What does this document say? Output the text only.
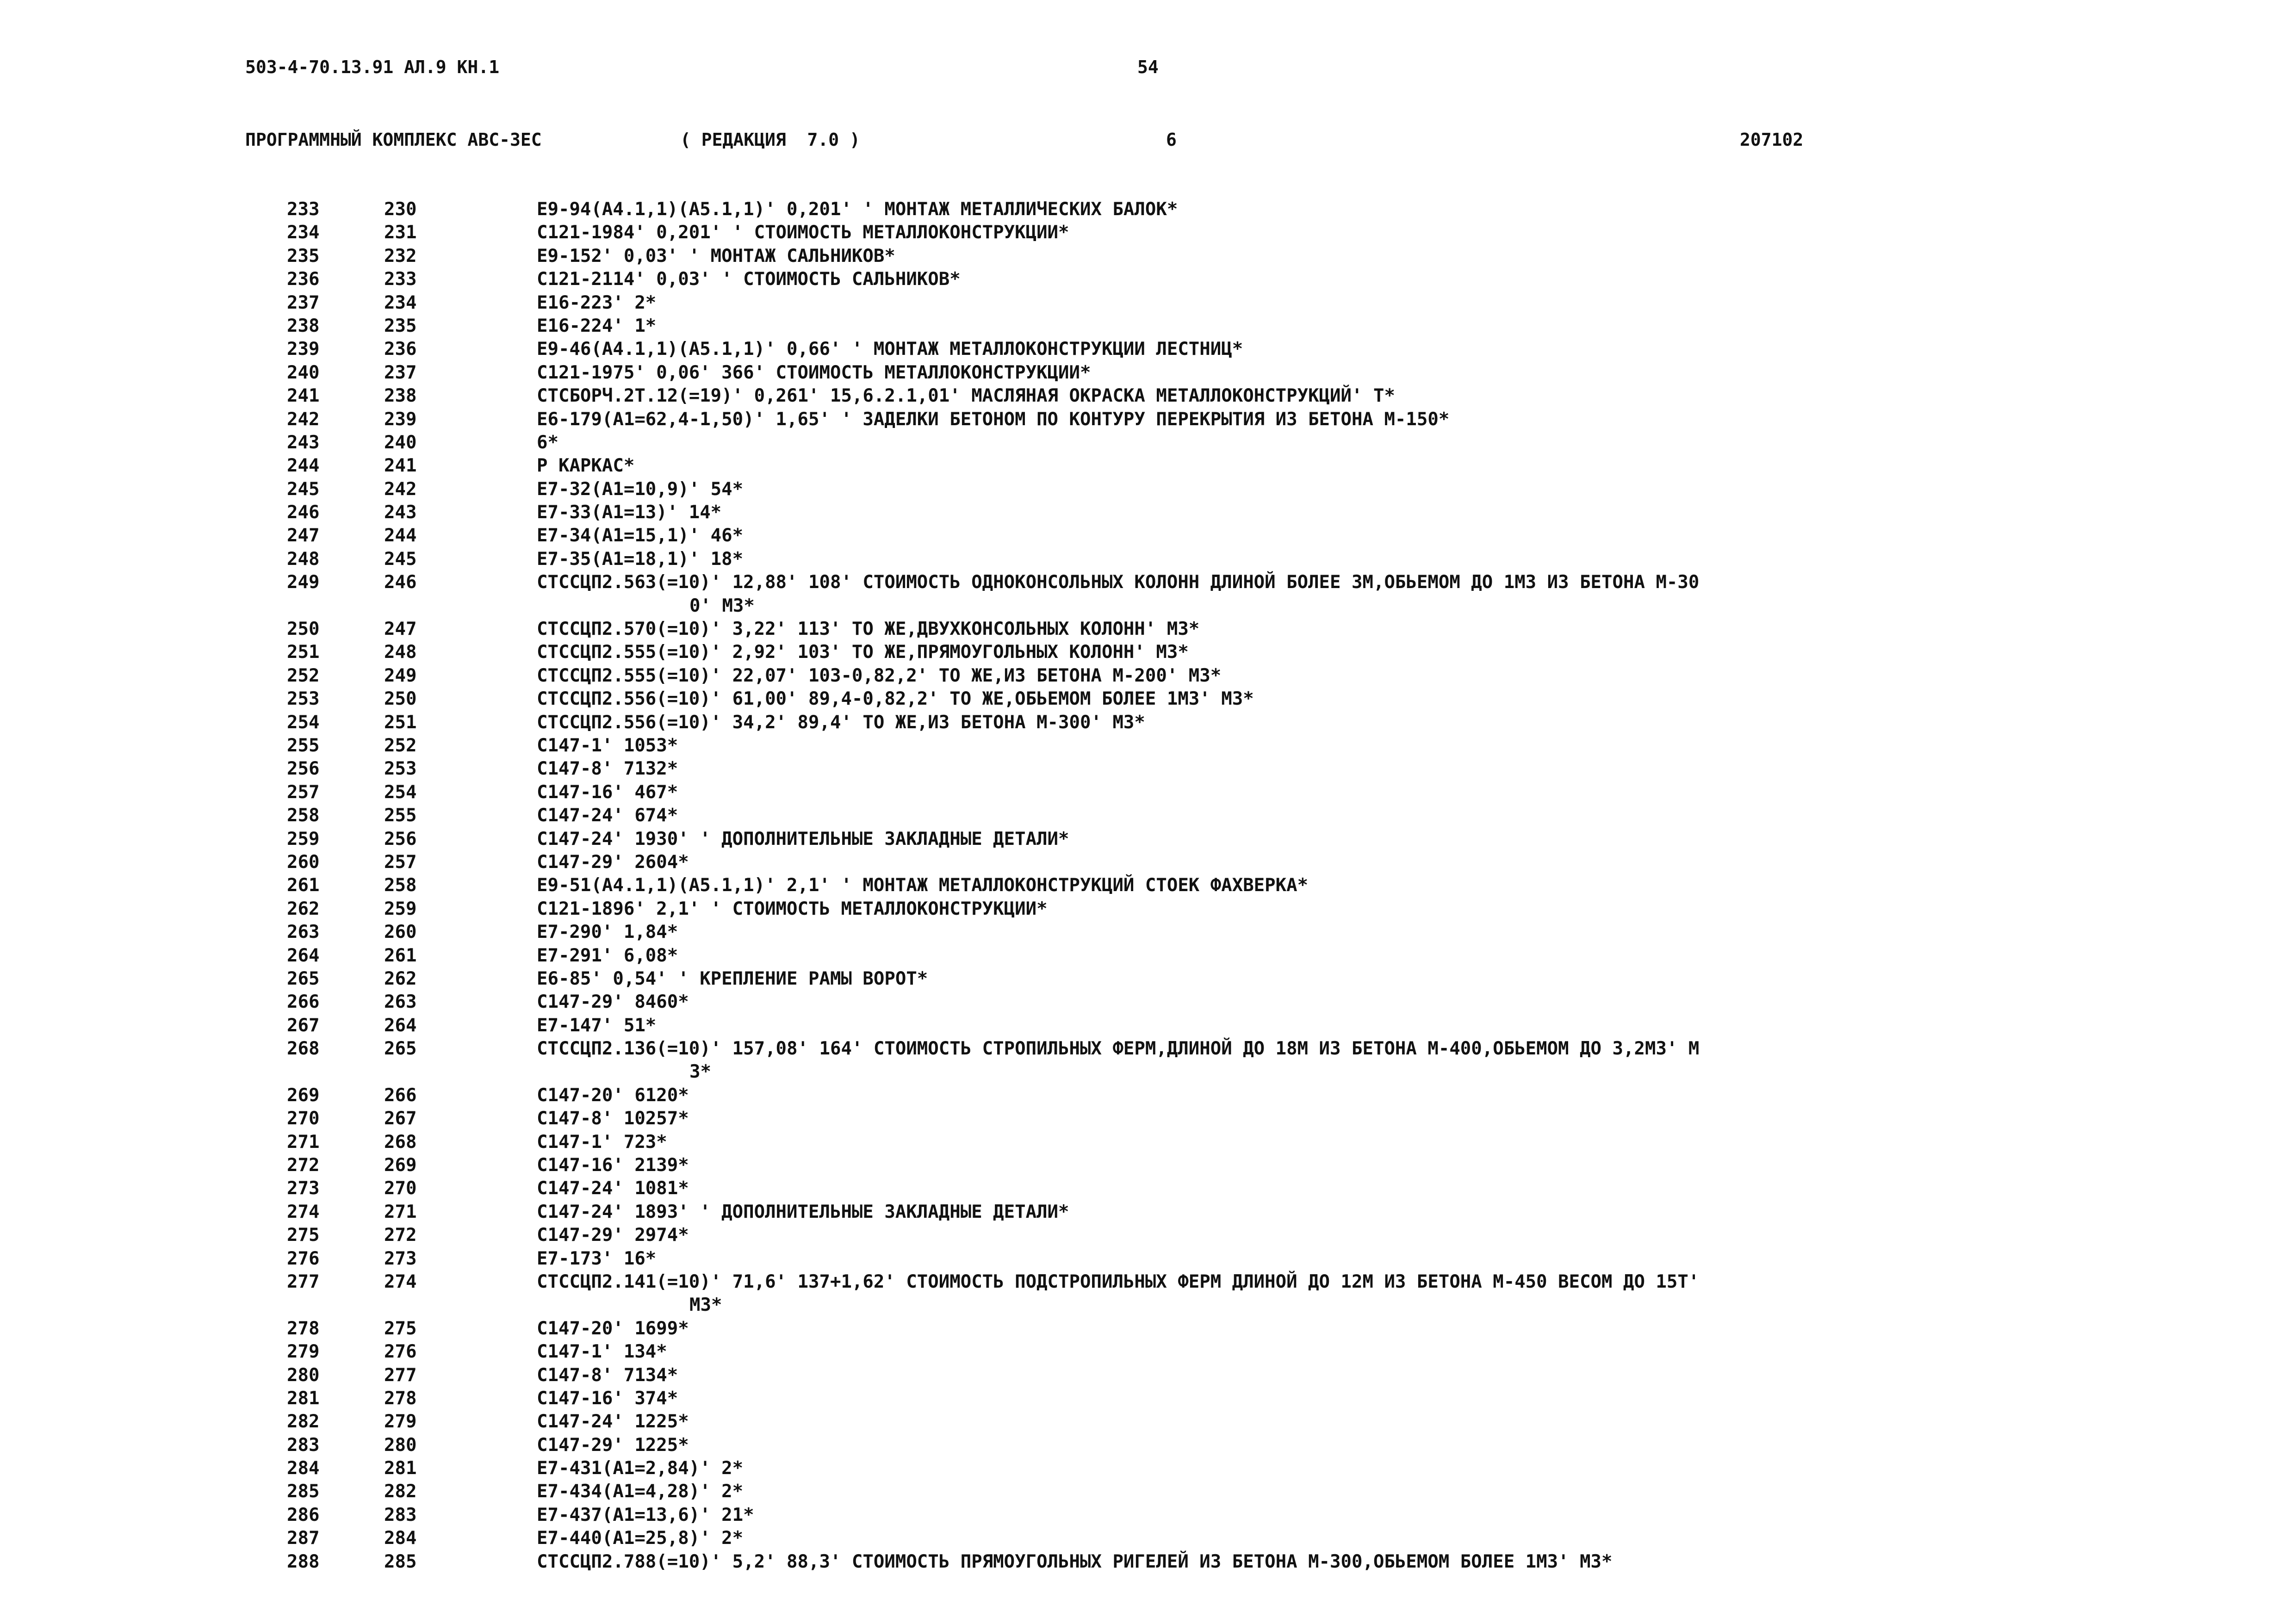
503-4-70.13.91 АЛ.9 КН.1	54
ПРОГРАММНЫЙ КОМПЛЕКС АВС-3ЕС	( РЕДАКЦИЯ  7.0 )	6	207102
233	230	Е9-94(А4.1,1)(А5.1,1)' 0,201' ' МОНТАЖ МЕТАЛЛИЧЕСКИХ БАЛОК*
234	231	С121-1984' 0,201' ' СТОИМОСТЬ МЕТАЛЛОКОНСТРУКЦИИ*
235	232	Е9-152' 0,03' ' МОНТАЖ САЛЬНИКОВ*
236	233	С121-2114' 0,03' ' СТОИМОСТЬ САЛЬНИКОВ*
237	234	Е16-223' 2*
238	235	Е16-224' 1*
239	236	Е9-46(А4.1,1)(А5.1,1)' 0,66' ' МОНТАЖ МЕТАЛЛОКОНСТРУКЦИИ ЛЕСТНИЦ*
240	237	С121-1975' 0,06' 366' СТОИМОСТЬ МЕТАЛЛОКОНСТРУКЦИИ*
241	238	СТСБОРЧ.2Т.12(=19)' 0,261' 15,6.2.1,01' МАСЛЯНАЯ ОКРАСКА МЕТАЛЛОКОНСТРУКЦИЙ' Т*
242	239	Е6-179(А1=62,4-1,50)' 1,65' ' ЗАДЕЛКИ БЕТОНОМ ПО КОНТУРУ ПЕРЕКРЫТИЯ ИЗ БЕТОНА М-150*
243	240	6*
244	241	Р КАРКАС*
245	242	Е7-32(А1=10,9)' 54*
246	243	Е7-33(А1=13)' 14*
247	244	Е7-34(А1=15,1)' 46*
248	245	Е7-35(А1=18,1)' 18*
249	246	СТССЦП2.563(=10)' 12,88' 108' СТОИМОСТЬ ОДНОКОНСОЛЬНЫХ КОЛОНН ДЛИНОЙ БОЛЕЕ 3М,ОБЬЕМОМ ДО 1М3 ИЗ БЕТОНА М-30
0' М3*
250	247	СТССЦП2.570(=10)' 3,22' 113' ТО ЖЕ,ДВУХКОНСОЛЬНЫХ КОЛОНН' М3*
251	248	СТССЦП2.555(=10)' 2,92' 103' ТО ЖЕ,ПРЯМОУГОЛЬНЫХ КОЛОНН' М3*
252	249	СТССЦП2.555(=10)' 22,07' 103-0,82,2' ТО ЖЕ,ИЗ БЕТОНА М-200' М3*
253	250	СТССЦП2.556(=10)' 61,00' 89,4-0,82,2' ТО ЖЕ,ОБЬЕМОМ БОЛЕЕ 1М3' М3*
254	251	СТССЦП2.556(=10)' 34,2' 89,4' ТО ЖЕ,ИЗ БЕТОНА М-300' М3*
255	252	С147-1' 1053*
256	253	С147-8' 7132*
257	254	С147-16' 467*
258	255	С147-24' 674*
259	256	С147-24' 1930' ' ДОПОЛНИТЕЛЬНЫЕ ЗАКЛАДНЫЕ ДЕТАЛИ*
260	257	С147-29' 2604*
261	258	Е9-51(А4.1,1)(А5.1,1)' 2,1' ' МОНТАЖ МЕТАЛЛОКОНСТРУКЦИЙ СТОЕК ФАХВЕРКА*
262	259	С121-1896' 2,1' ' СТОИМОСТЬ МЕТАЛЛОКОНСТРУКЦИИ*
263	260	Е7-290' 1,84*
264	261	Е7-291' 6,08*
265	262	Е6-85' 0,54' ' КРЕПЛЕНИЕ РАМЫ ВОРОТ*
266	263	С147-29' 8460*
267	264	Е7-147' 51*
268	265	СТССЦП2.136(=10)' 157,08' 164' СТОИМОСТЬ СТРОПИЛЬНЫХ ФЕРМ,ДЛИНОЙ ДО 18М ИЗ БЕТОНА М-400,ОБЬЕМОМ ДО 3,2М3' М
3*
269	266	С147-20' 6120*
270	267	С147-8' 10257*
271	268	С147-1' 723*
272	269	С147-16' 2139*
273	270	С147-24' 1081*
274	271	С147-24' 1893' ' ДОПОЛНИТЕЛЬНЫЕ ЗАКЛАДНЫЕ ДЕТАЛИ*
275	272	С147-29' 2974*
276	273	Е7-173' 16*
277	274	СТССЦП2.141(=10)' 71,6' 137+1,62' СТОИМОСТЬ ПОДСТРОПИЛЬНЫХ ФЕРМ ДЛИНОЙ ДО 12М ИЗ БЕТОНА М-450 ВЕСОМ ДО 15Т'
М3*
278	275	С147-20' 1699*
279	276	С147-1' 134*
280	277	С147-8' 7134*
281	278	С147-16' 374*
282	279	С147-24' 1225*
283	280	С147-29' 1225*
284	281	Е7-431(А1=2,84)' 2*
285	282	Е7-434(А1=4,28)' 2*
286	283	Е7-437(А1=13,6)' 21*
287	284	Е7-440(А1=25,8)' 2*
288	285	СТССЦП2.788(=10)' 5,2' 88,3' СТОИМОСТЬ ПРЯМОУГОЛЬНЫХ РИГЕЛЕЙ ИЗ БЕТОНА М-300,ОБЬЕМОМ БОЛЕЕ 1М3' М3*
